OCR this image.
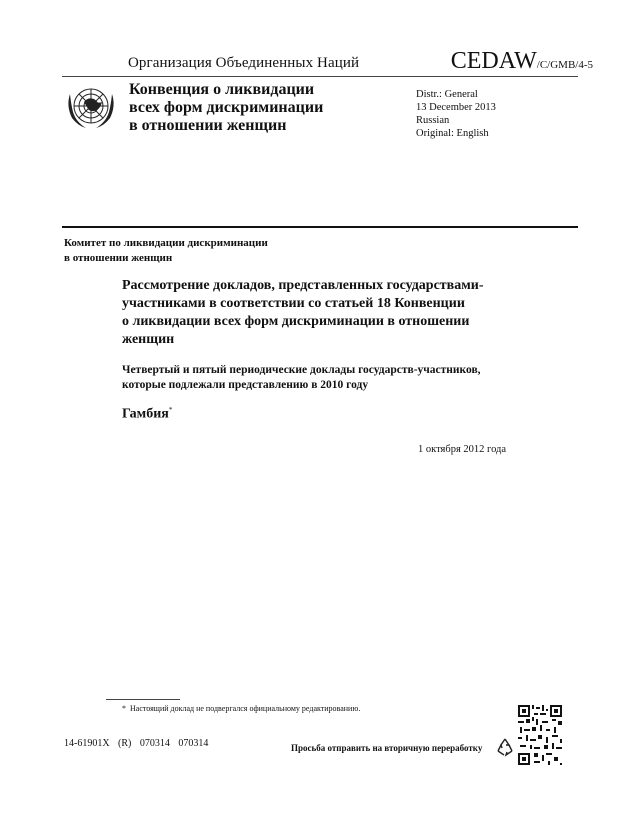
Организация Объединенных Наций	CEDAW/C/GMB/4-5
Конвенция о ликвидации
всех форм дискриминации
в отношении женщин
Distr.: General
13 December 2013
Russian
Original: English
Комитет по ликвидации дискриминации
в отношении женщин
Рассмотрение докладов, представленных государствами-
участниками в соответствии со статьей 18 Конвенции
о ликвидации всех форм дискриминации в отношении
женщин
Четвертый и пятый периодические доклады государств-участников,
которые подлежали представлению в 2010 году
Гамбия*
1 октября 2012 года
* Настоящий доклад не подвергался официальному редактированию.
14-61901X (R) 070314 070314	Просьба отправить на вторичную переработку
